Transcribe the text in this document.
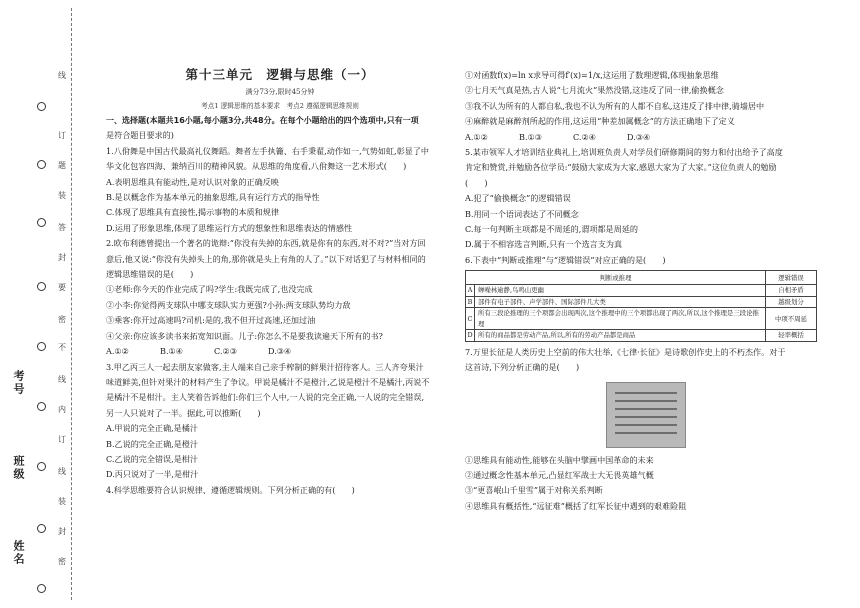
线
订
题
装
答
封
要
密
不
线
内
订
线
装
封
密
考号
班级
姓名
第十三单元　逻辑与思维（一）
满分73分,限时45分钟
考点1 逻辑思维的基本要求　考点2 遵循逻辑思维规则

一、选择题(本题共16小题,每小题3分,共48分。在每个小题给出的四个选项中,只有一项

是符合题目要求的)

1.八佾舞是中国古代最高礼仪舞蹈。舞者左手执籥、右手秉翟,动作如一,气势如虹,彰显了中

华文化包容四海、兼纳百川的精神风貌。从思维的角度看,八佾舞这一艺术形式(　　)

A.表明思维具有能动性,是对认识对象的正确反映

B.是以概念作为基本单元的抽象思维,具有运行方式的指导性

C.体现了思维具有直接性,揭示事物的本质和规律

D.运用了形象思维,体现了思维运行方式的想象性和思维表达的情感性

2.欧布利德曾提出一个著名的诡辩:“你没有失掉的东西,就是你有的东西,对不对?”当对方回

意后,他又说:“你没有失掉头上的角,那你就是头上有角的人了。”以下对话犯了与材料相同的

逻辑思维错误的是(　　)

①老师:你今天的作业完成了吗?学生:我既完成了,也没完成

②小李:你觉得两支球队中哪支球队实力更强?小孙:两支球队势均力敌

③乘客:你开过高速吗?司机:是的,我不但开过高速,还加过油

④父亲:你应该多读书来拓宽知识面。儿子:你怎么不是要我读遍天下所有的书?

A.①②	B.①④	C.②③	D.③④

3.甲乙丙三人一起去朋友家做客,主人端来自己亲手榨制的鲜果汁招待客人。三人齐夸果汁

味道鲜美,但针对果汁的材料产生了争议。甲说是橘汁不是橙汁,乙说是橙汁不是橘汁,丙说不

是橘汁不是柑汁。主人笑着告诉他们:你们三个人中,一人说的完全正确,一人说的完全错误,

另一人只说对了一半。据此,可以推断(　　)

A.甲说的完全正确,是橘汁

B.乙说的完全正确,是橙汁

C.乙说的完全错误,是柑汁

D.丙只说对了一半,是柑汁

4.科学思维要符合认识规律、遵循逻辑规则。下列分析正确的有(　　)

①对函数f(x)=ln x求导可得f′(x)=1/x,这运用了数理逻辑,体现抽象思维

②七月天气真是热,古人说“七月流火”果然没错,这违反了同一律,偷换概念

③我不认为所有的人都自私,我也不认为所有的人都不自私,这违反了排中律,骑墙居中

④麻醉就是麻醉剂所起的作用,这运用“种差加属概念”的方法正确地下了定义

A.①②	B.①③	C.②④	D.③④

5.某市领军人才培训结业典礼上,培训班负责人对学员们研修期间的努力和付出给予了高度

肯定和赞赏,并勉励各位学员:“鼓励大家成为大家,感恩大家为了大家。”这位负责人的勉励

(　　)

A.犯了“偷换概念”的逻辑错误

B.用同一个语词表达了不同概念

C.每一句判断主项都是不周延的,谓项都是周延的

D.属于不相容选言判断,只有一个选言支为真

6.下表中“判断或推理”与“逻辑错误”对应正确的是(　　)

判断或推理		逻辑错误
A	蝉噪林逾静,鸟鸣山更幽	自相矛盾
B	部件有电子部件、声学部件、国际部件几大类	越级划分
C	所有三段论推理的三个项都会出现两次,这个推理中的三个项都出现了两次,所以,这个推理是三段论推理	中项不周延
D	所有的商品都是劳动产品,所以,所有的劳动产品都是商品	轻率概括

7.万里长征是人类历史上空前的伟大壮举,《七律·长征》是诗歌创作史上的不朽杰作。对于

这首诗,下列分析正确的是(　　)

①思维具有能动性,能够在头脑中擘画中国革命的未来

②通过概念性基本单元,凸显红军战士大无畏英雄气概

③“更喜岷山千里雪”属于对称关系判断

④思维具有概括性,“远征难”概括了红军长征中遇到的艰难险阻
